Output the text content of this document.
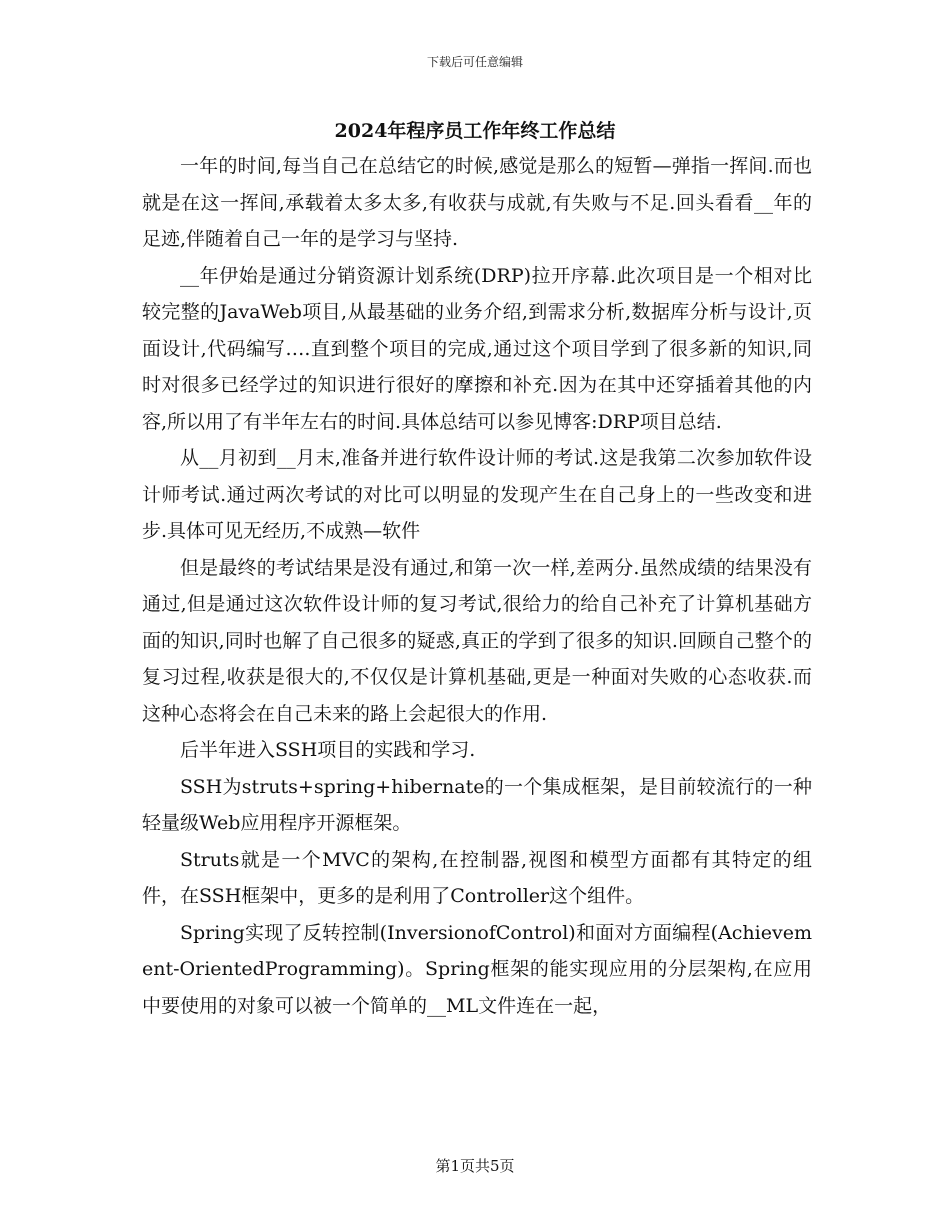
下载后可任意编辑
2024年程序员工作年终工作总结

一年的时间,每当自己在总结它的时候,感觉是那么的短暂—弹指一挥间.而也就是在这一挥间,承载着太多太多,有收获与成就,有失败与不足.回头看看__年的足迹,伴随着自己一年的是学习与坚持.

__年伊始是通过分销资源计划系统(DRP)拉开序幕.此次项目是一个相对比较完整的JavaWeb项目,从最基础的业务介绍,到需求分析,数据库分析与设计,页面设计,代码编写….直到整个项目的完成,通过这个项目学到了很多新的知识,同时对很多已经学过的知识进行很好的摩擦和补充.因为在其中还穿插着其他的内容,所以用了有半年左右的时间.具体总结可以参见博客:DRP项目总结.

从__月初到__月末,准备并进行软件设计师的考试.这是我第二次参加软件设计师考试.通过两次考试的对比可以明显的发现产生在自己身上的一些改变和进步.具体可见无经历,不成熟—软件

但是最终的考试结果是没有通过,和第一次一样,差两分.虽然成绩的结果没有通过,但是通过这次软件设计师的复习考试,很给力的给自己补充了计算机基础方面的知识,同时也解了自己很多的疑惑,真正的学到了很多的知识.回顾自己整个的复习过程,收获是很大的,不仅仅是计算机基础,更是一种面对失败的心态收获.而这种心态将会在自己未来的路上会起很大的作用.

后半年进入SSH项目的实践和学习.

SSH为struts+spring+hibernate的一个集成框架，是目前较流行的一种轻量级Web应用程序开源框架。

Struts就是一个MVC的架构,在控制器,视图和模型方面都有其特定的组件，在SSH框架中，更多的是利用了Controller这个组件。

Spring实现了反转控制(InversionofControl)和面对方面编程(Achievement-OrientedProgramming)。Spring框架的能实现应用的分层架构,在应用中要使用的对象可以被一个简单的__ML文件连在一起，

第1页共5页
